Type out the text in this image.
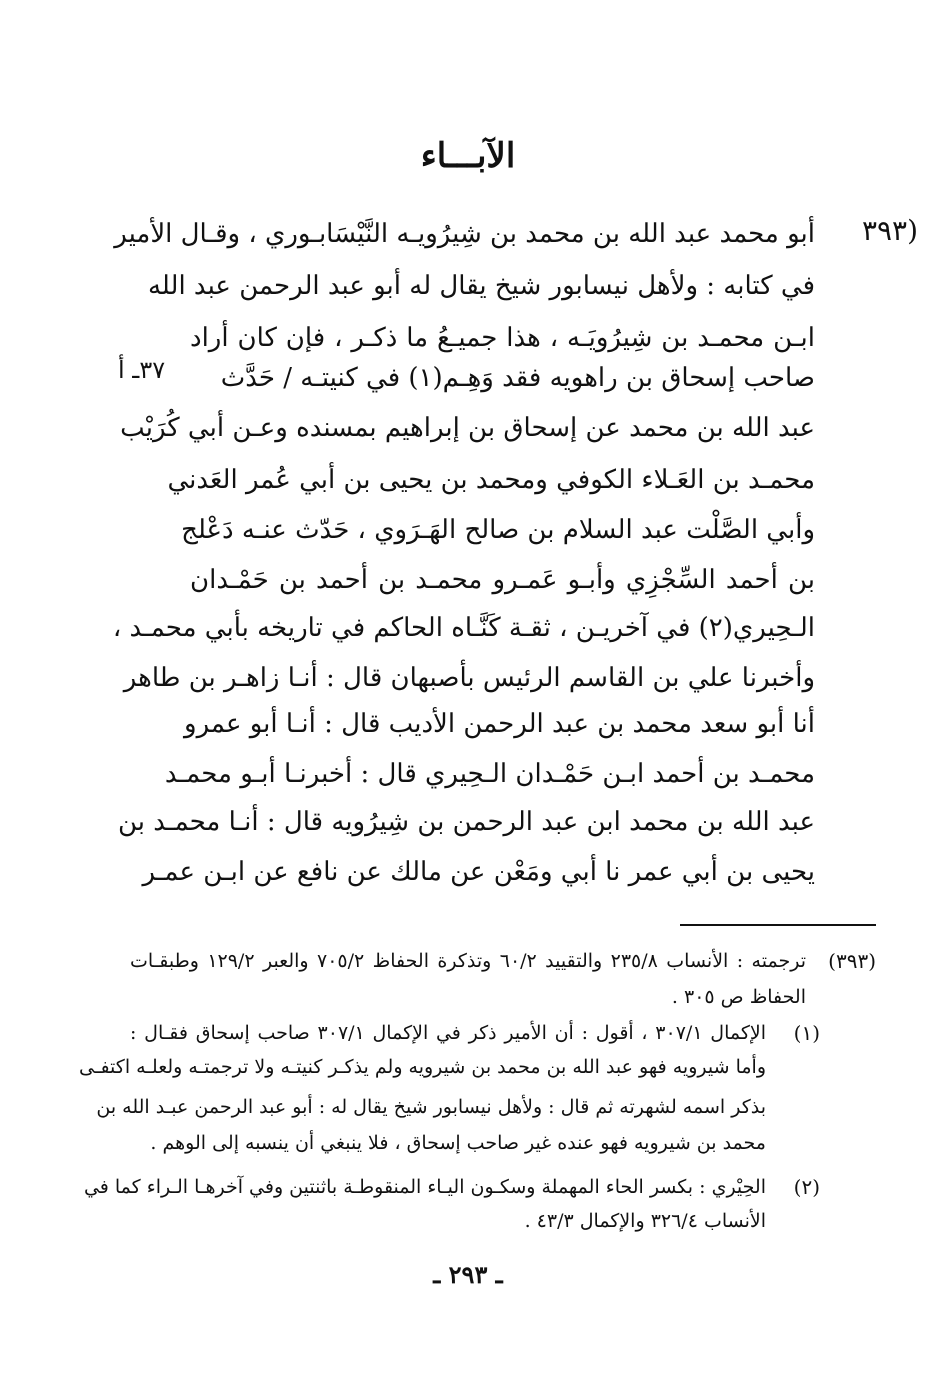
الآبـــاء
(٣٩٣
٣٧ـ أ
أبو محمد عبد الله بن محمد بن شِيرُويـه النَّيْسَابـوري ، وقـال الأمير
في كتابه : ولأهل نيسابور شيخ يقال له أبو عبد الرحمن عبد الله
ابـن محمـد بن شِيرُويَـه ، هذا جميـعُ ما ذكـر ، فإن كان أراد
صاحب إسحاق بن راهويه فقد وَهِـم(١) في كنيتـه / حَدَّث
عبد الله بن محمد عن إسحاق بن إبراهيم بمسنده وعـن أبي كُرَيْب
محمـد بن العَـلاء الكوفي ومحمد بن يحيى بن أبي عُمر العَدني
وأبي الصَّلْت عبد السلام بن صالح الهَـرَوي ، حَدّث عنـه دَعْلج
بن أحمد السِّجْزِي وأبـو عَمـرو محمـد بن أحمد بن حَمْـدان
الـحِيري(٢) في آخريـن ، ثقـة كَنَّـاه الحاكم في تاريخه بأبي محمـد ،
وأخبرنا علي بن القاسم الرئيس بأصبهان قال : أنـا زاهـر بن طاهر
أنا أبو سعد محمد بن عبد الرحمن الأديب قال : أنـا أبو عمرو
محمـد بن أحمد ابـن حَمْـدان الـحِيري قال : أخبرنـا أبـو محمـد
عبد الله بن محمد ابن عبد الرحمن بن شِيرُويه قال : أنـا محمـد بن
يحيى بن أبي عمر نا أبي ومَعْن عن مالك عن نافع عن ابـن عمـر
(٣٩٣)
ترجمته : الأنساب ٢٣٥/٨ والتقييد ٦٠/٢ وتذكرة الحفاظ ٧٠٥/٢ والعبر ١٢٩/٢ وطبقـات
الحفاظ ص ٣٠٥ .
(١)
الإكمال ٣٠٧/١ ، أقول : أن الأمير ذكر في الإكمال ٣٠٧/١ صاحب إسحاق فقـال :
وأما شيرويه فهو عبد الله بن محمد بن شيرويه ولم يذكـر كنيتـه ولا ترجمتـه ولعلـه اكتفـى
بذكر اسمه لشهرته ثم قال : ولأهل نيسابور شيخ يقال له : أبو عبد الرحمن عبـد الله بن
محمد بن شيرويه فهو عنده غير صاحب إسحاق ، فلا ينبغي أن ينسبه إلى الوهم .
(٢)
الحِيْري : بكسر الحاء المهملة وسكـون اليـاء المنقوطـة باثنتين وفي آخرهـا الـراء كما في
الأنساب ٣٢٦/٤ والإكمال ٤٣/٣ .
ـ ٢٩٣ ـ
